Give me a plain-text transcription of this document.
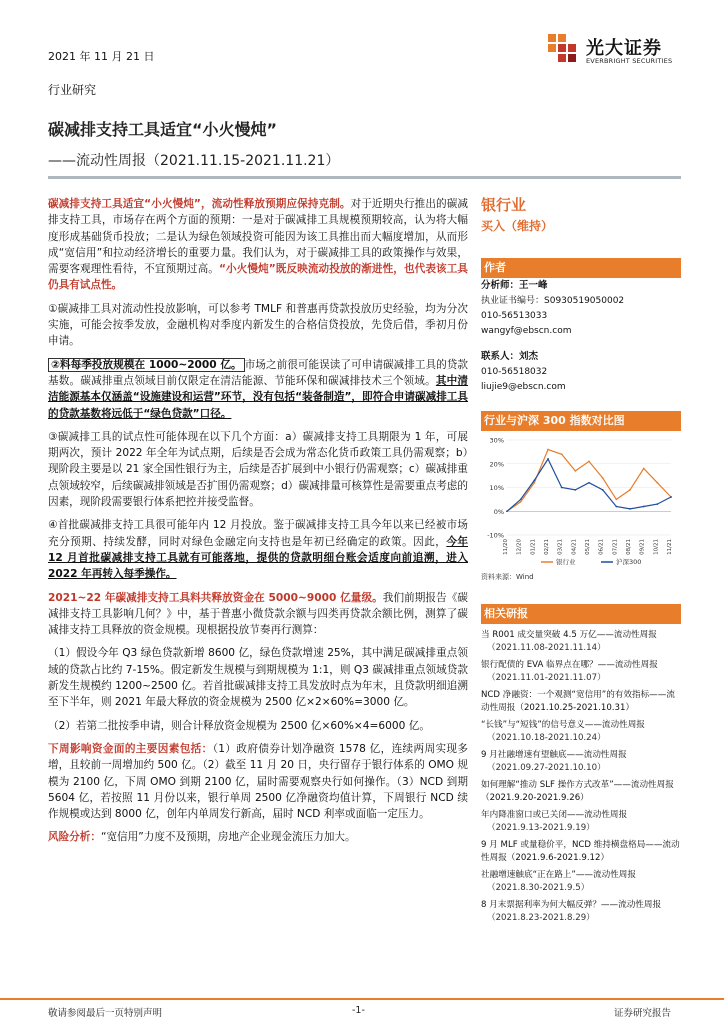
2021 年 11 月 21 日	光大证券
EVERBRIGHT SECURITIES
行业研究
碳减排支持工具适宜“小火慢炖”
——流动性周报（2021.11.15-2021.11.21）

碳减排支持工具适宜“小火慢炖”，流动性释放预期应保持克制。对于近期央行推出的碳减排支持工具，市场存在两个方面的预期：一是对于碳减排工具规模预期较高，认为将大幅度形成基础货币投放；二是认为绿色领域投资可能因为该工具推出而大幅度增加，从而形成“宽信用”和拉动经济增长的重要力量。我们认为，对于碳减排工具的政策操作与效果，需要客观理性看待，不宜预期过高。“小火慢炖”既反映流动投放的渐进性，也代表该工具仍具有试点性。

①碳减排工具对流动性投放影响，可以参考 TMLF 和普惠再贷款投放历史经验，均为分次实施，可能会按季发放，金融机构对季度内新发生的合格信贷投放，先贷后借，季初月份申请。

②料每季投放规模在 1000~2000 亿。 市场之前很可能误读了可申请碳减排工具的贷款基数。碳减排重点领域目前仅限定在清洁能源、节能环保和碳减排技术三个领域。其中清洁能源基本仅涵盖“设施建设和运营”环节，没有包括“装备制造”，即符合申请碳减排工具的贷款基数将远低于“绿色贷款”口径。

③碳减排工具的试点性可能体现在以下几个方面：a）碳减排支持工具期限为 1 年，可展期两次，预计 2022 年全年为试点期，后续是否会成为常态化货币政策工具仍需观察；b）现阶段主要是以 21 家全国性银行为主，后续是否扩展到中小银行仍需观察；c）碳减排重点领域较窄，后续碳减排领域是否扩围仍需观察；d）碳减排量可核算性是需要重点考虑的因素，现阶段需要银行体系把控并接受监督。

④首批碳减排支持工具很可能年内 12 月投放。鉴于碳减排支持工具今年以来已经被市场充分预期、持续发酵，同时对绿色金融定向支持也是年初已经确定的政策。因此，今年 12 月首批碳减排支持工具就有可能落地，提供的贷款明细台账会适度向前追溯，进入 2022 年再转入每季操作。

2021~22 年碳减排支持工具料共释放资金在 5000~9000 亿量级。我们前期报告《碳减排支持工具影响几何？》中，基于普惠小微贷款余额与四类再贷款余额比例，测算了碳减排支持工具释放的资金规模。现根据投放节奏再行测算：

（1）假设今年 Q3 绿色贷款新增 8600 亿，绿色贷款增速 25%，其中满足碳减排重点领域的贷款占比约 7-15%。假定新发生规模与到期规模为 1:1，则 Q3 碳减排重点领域贷款新发生规模约 1200~2500 亿。若首批碳减排支持工具发放时点为年末，且贷款明细追溯至下半年，则 2021 年最大释放的资金规模为 2500 亿×2×60%=3000 亿。

（2）若第二批按季申请，则合计释放资金规模为 2500 亿×60%×4=6000 亿。

下周影响资金面的主要因素包括：（1）政府债券计划净融资 1578 亿，连续两周实现多增，且较前一周增加约 500 亿。（2）截至 11 月 20 日，央行留存于银行体系的 OMO 规模为 2100 亿，下周 OMO 到期 2100 亿，届时需要观察央行如何操作。（3）NCD 到期 5604 亿，若按照 11 月份以来，银行单周 2500 亿净融资均值计算，下周银行 NCD 续作规模或达到 8000 亿，创年内单周发行新高，届时 NCD 利率或面临一定压力。

风险分析：“宽信用”力度不及预期，房地产企业现金流压力加大。

银行业
买入（维持）
作者
分析师：王一峰
执业证书编号：S0930519050002
010-56513033
wangyf@ebscn.com
联系人：刘杰
010-56518032
liujie9@ebscn.com
行业与沪深 300 指数对比图
30%
20%
10%
0%
-10%
11/20 12/20 01/21 02/21 03/21 04/21 05/21 06/21 07/21 08/21 09/21 10/21 11/21
银行业	沪深300
资料来源：Wind
相关研报
当 R001 成交量突破 4.5 万亿——流动性周报
（2021.11.08-2021.11.14）
银行配债的 EVA 临界点在哪？——流动性周报
（2021.11.01-2021.11.07）
NCD 净融资：一个观测“宽信用”的有效指标——流动性周报（2021.10.25-2021.10.31）
“长钱”与“短钱”的信号意义——流动性周报
（2021.10.18-2021.10.24）
9 月社融增速有望触底——流动性周报
（2021.09.27-2021.10.10）
如何理解“推动 SLF 操作方式改革”——流动性周报（2021.9.20-2021.9.26）
年内降准窗口或已关闭——流动性周报
（2021.9.13-2021.9.19）
9 月 MLF 或量稳价平，NCD 维持横盘格局——流动性周报（2021.9.6-2021.9.12）
社融增速触底“正在路上”——流动性周报
（2021.8.30-2021.9.5）
8 月末票据利率为何大幅反弹？——流动性周报
（2021.8.23-2021.8.29）
敬请参阅最后一页特别声明	-1-	证券研究报告
